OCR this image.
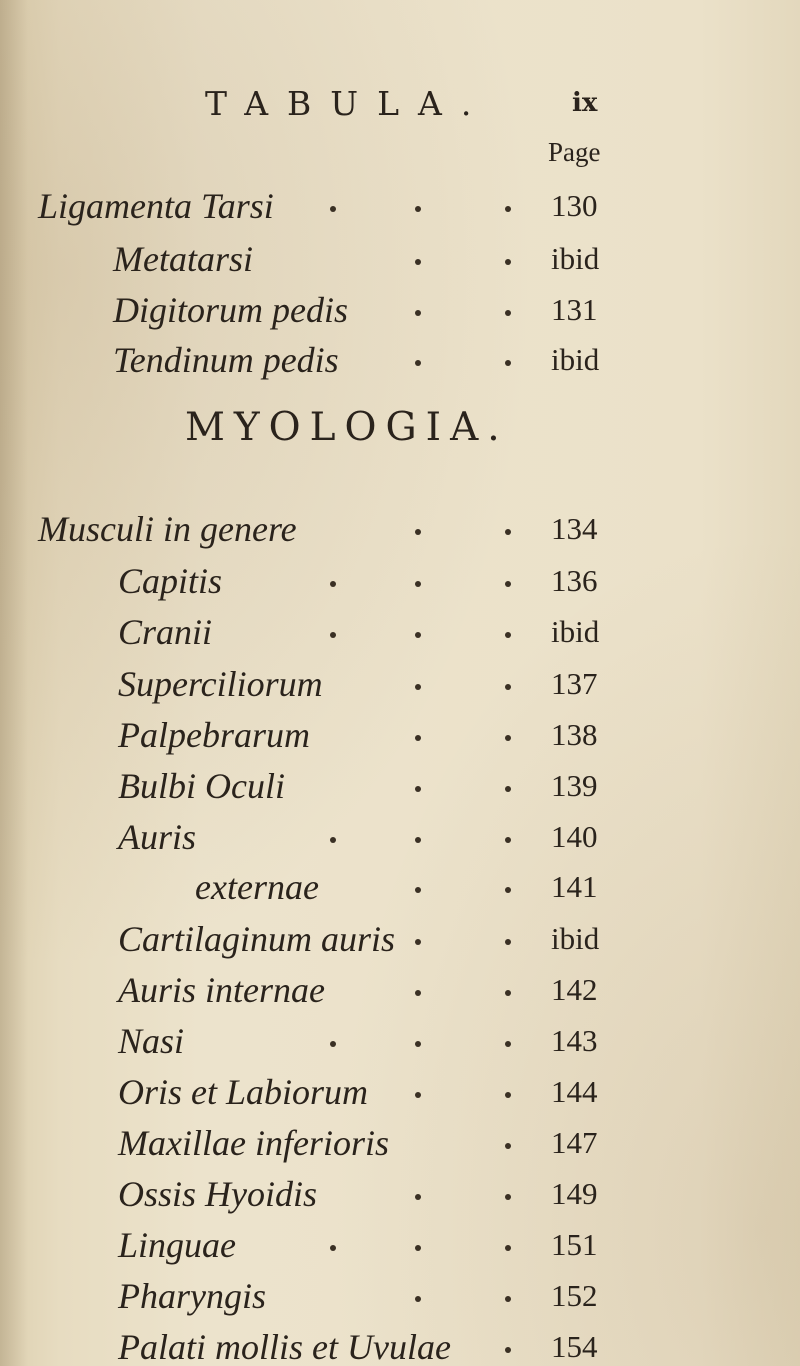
TABULA.	ix
Page
Ligamenta Tarsi	130
Metatarsi	ibid
Digitorum pedis	131
Tendinum pedis	ibid
MYOLOGIA.
Musculi in genere	134
Capitis	136
Cranii	ibid
Superciliorum	137
Palpebrarum	138
Bulbi Oculi	139
Auris	140
externae	141
Cartilaginum auris	ibid
Auris internae	142
Nasi	143
Oris et Labiorum	144
Maxillae inferioris	147
Ossis Hyoidis	149
Linguae	151
Pharyngis	152
Palati mollis et Uvulae	154
